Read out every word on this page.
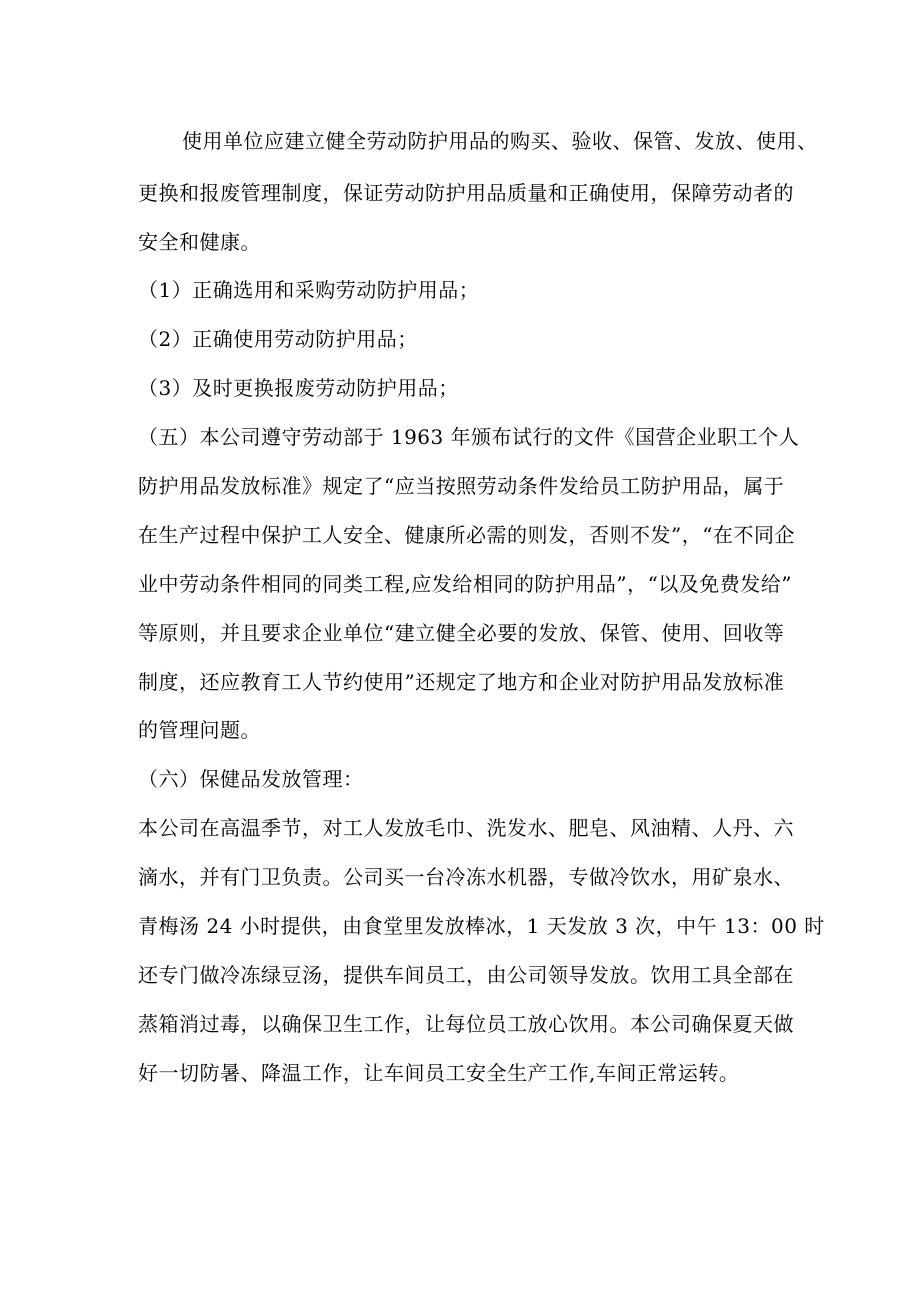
使用单位应建立健全劳动防护用品的购买、验收、保管、发放、使用、
更换和报废管理制度，保证劳动防护用品质量和正确使用，保障劳动者的
安全和健康。
（1）正确选用和采购劳动防护用品；
（2）正确使用劳动防护用品；
（3）及时更换报废劳动防护用品；
（五）本公司遵守劳动部于 1963 年颁布试行的文件《国营企业职工个人
防护用品发放标准》规定了“应当按照劳动条件发给员工防护用品，属于
在生产过程中保护工人安全、健康所必需的则发，否则不发”，“在不同企
业中劳动条件相同的同类工程,应发给相同的防护用品”，“以及免费发给”
等原则，并且要求企业单位“建立健全必要的发放、保管、使用、回收等
制度，还应教育工人节约使用”还规定了地方和企业对防护用品发放标准
的管理问题。
（六）保健品发放管理：
本公司在高温季节，对工人发放毛巾、洗发水、肥皂、风油精、人丹、六
滴水，并有门卫负责。公司买一台冷冻水机器，专做冷饮水，用矿泉水、
青梅汤 24 小时提供，由食堂里发放棒冰，1 天发放 3 次，中午 13：00 时
还专门做冷冻绿豆汤，提供车间员工，由公司领导发放。饮用工具全部在
蒸箱消过毒，以确保卫生工作，让每位员工放心饮用。本公司确保夏天做
好一切防暑、降温工作，让车间员工安全生产工作,车间正常运转。
